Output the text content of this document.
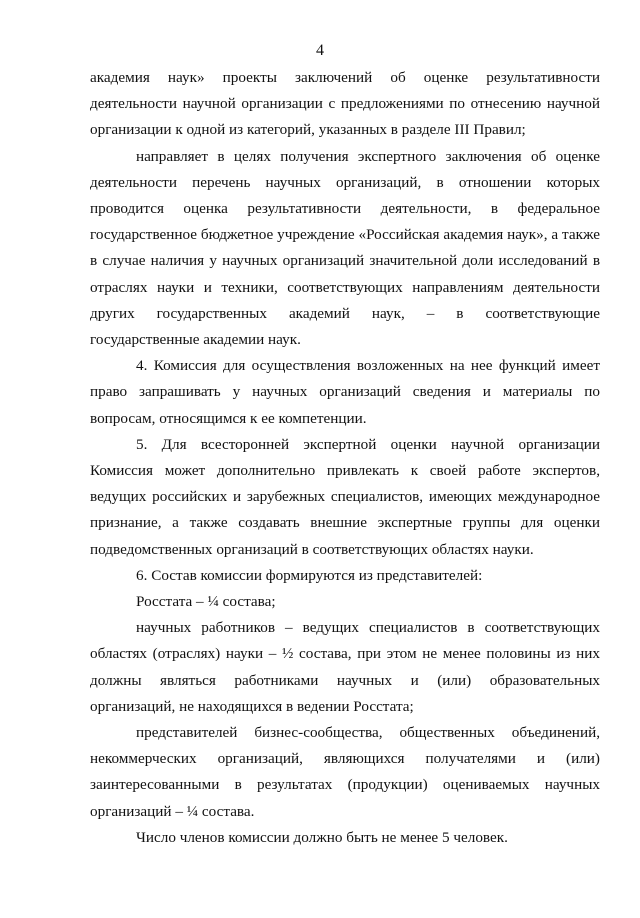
4

академия наук» проекты заключений об оценке результативности деятельности научной организации с предложениями по отнесению научной организации к одной из категорий, указанных в разделе III Правил;

направляет в целях получения экспертного заключения об оценке деятельности перечень научных организаций, в отношении которых проводится оценка результативности деятельности, в федеральное государственное бюджетное учреждение «Российская академия наук», а также в случае наличия у научных организаций значительной доли исследований в отраслях науки и техники, соответствующих направлениям деятельности других государственных академий наук, – в соответствующие государственные академии наук.

4. Комиссия для осуществления возложенных на нее функций имеет право запрашивать у научных организаций сведения и материалы по вопросам, относящимся к ее компетенции.

5. Для всесторонней экспертной оценки научной организации Комиссия может дополнительно привлекать к своей работе экспертов, ведущих российских и зарубежных специалистов, имеющих международное признание, а также создавать внешние экспертные группы для оценки подведомственных организаций в соответствующих областях науки.

6. Состав комиссии формируются из представителей:

Росстата – ¼ состава;

научных работников – ведущих специалистов в соответствующих областях (отраслях) науки – ½ состава, при этом не менее половины из них должны являться работниками научных и (или) образовательных организаций, не находящихся в ведении Росстата;

представителей бизнес-сообщества, общественных объединений, некоммерческих организаций, являющихся получателями и (или) заинтересованными в результатах (продукции) оцениваемых научных организаций – ¼ состава.

Число членов комиссии должно быть не менее 5 человек.
